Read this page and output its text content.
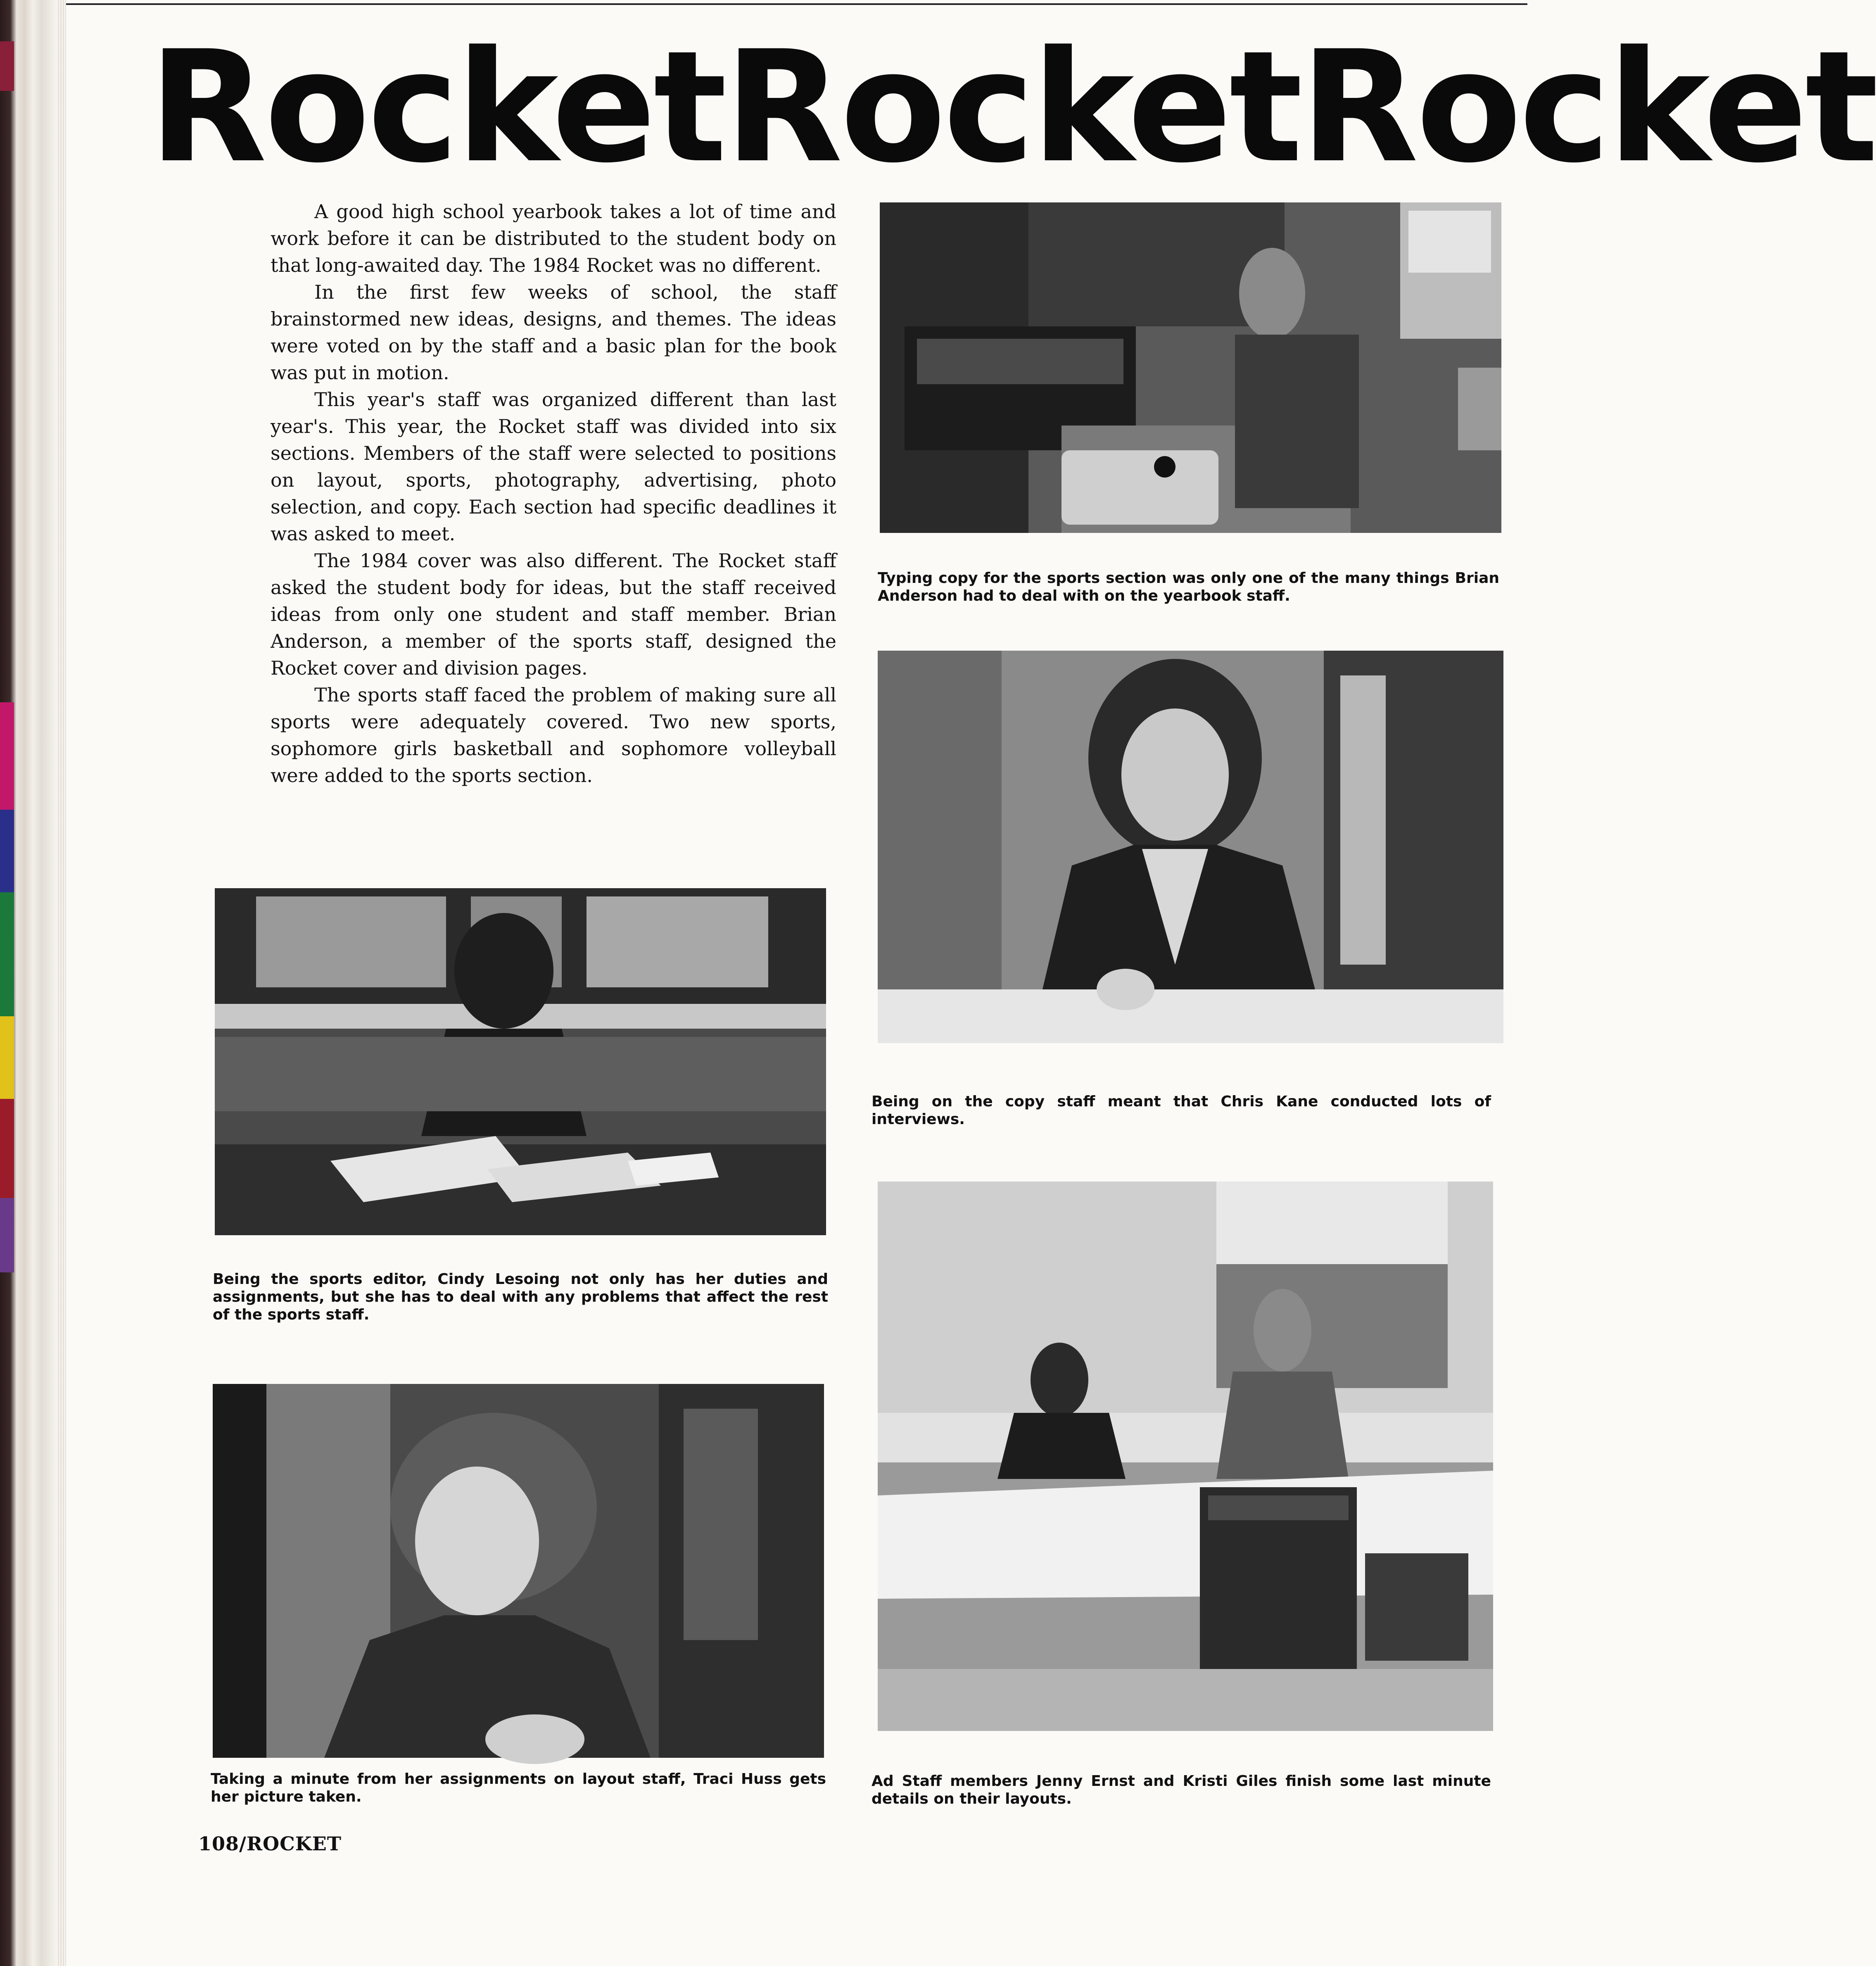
RocketRocketRocket

A good high school yearbook takes a lot of time and work before it can be distributed to the student body on that long-awaited day. The 1984 Rocket was no different.

In the first few weeks of school, the staff brainstormed new ideas, designs, and themes. The ideas were voted on by the staff and a basic plan for the book was put in motion.

This year's staff was organized different than last year's. This year, the Rocket staff was divided into six sections. Members of the staff were selected to positions on layout, sports, photography, advertising, photo selection, and copy. Each section had specific deadlines it was asked to meet.

The 1984 cover was also different. The Rocket staff asked the student body for ideas, but the staff received ideas from only one student and staff member. Brian Anderson, a member of the sports staff, designed the Rocket cover and division pages.

The sports staff faced the problem of making sure all sports were adequately covered. Two new sports, sophomore girls basketball and sophomore volleyball were added to the sports section.

Typing copy for the sports section was only one of the many things Brian Anderson had to deal with on the yearbook staff.
Being on the copy staff meant that Chris Kane conducted lots of interviews.
Being the sports editor, Cindy Lesoing not only has her duties and assignments, but she has to deal with any problems that affect the rest of the sports staff.
Ad Staff members Jenny Ernst and Kristi Giles finish some last minute details on their layouts.
Taking a minute from her assignments on layout staff, Traci Huss gets her picture taken.
108/ROCKET
